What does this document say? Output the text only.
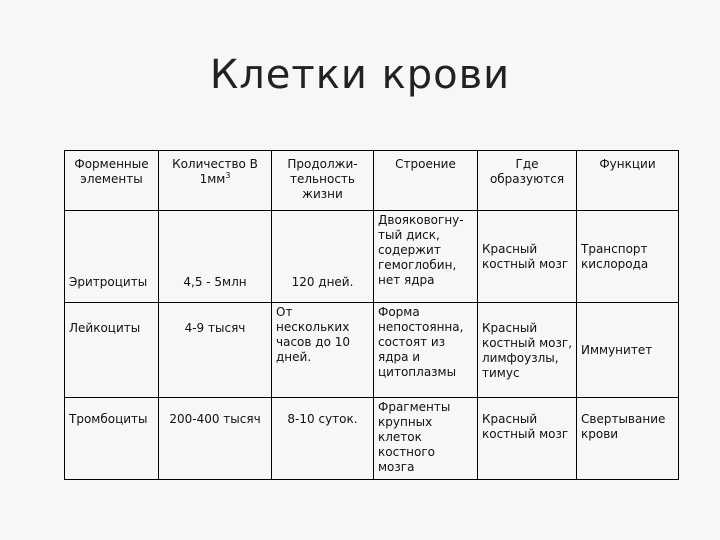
Клетки крови
Форменные элементы	Количество В $1мм^3$	Продолжи-тельность жизни	Строение	Где образуются	Функции
Эритроциты	4,5 - 5млн	120 дней.	Двояковогну-тый диск, содержит гемоглобин, нет ядра	Красный костный мозг	Транспорт кислорода
Лейкоциты	4-9 тысяч	От нескольких часов до 10 дней.	Форма непостоянна, состоят из ядра и цитоплазмы	Красный костный мозг, лимфоузлы, тимус	Иммунитет
Тромбоциты	200-400 тысяч	8-10 суток.	Фрагменты крупных клеток костного мозга	Красный костный мозг	Свертывание крови
